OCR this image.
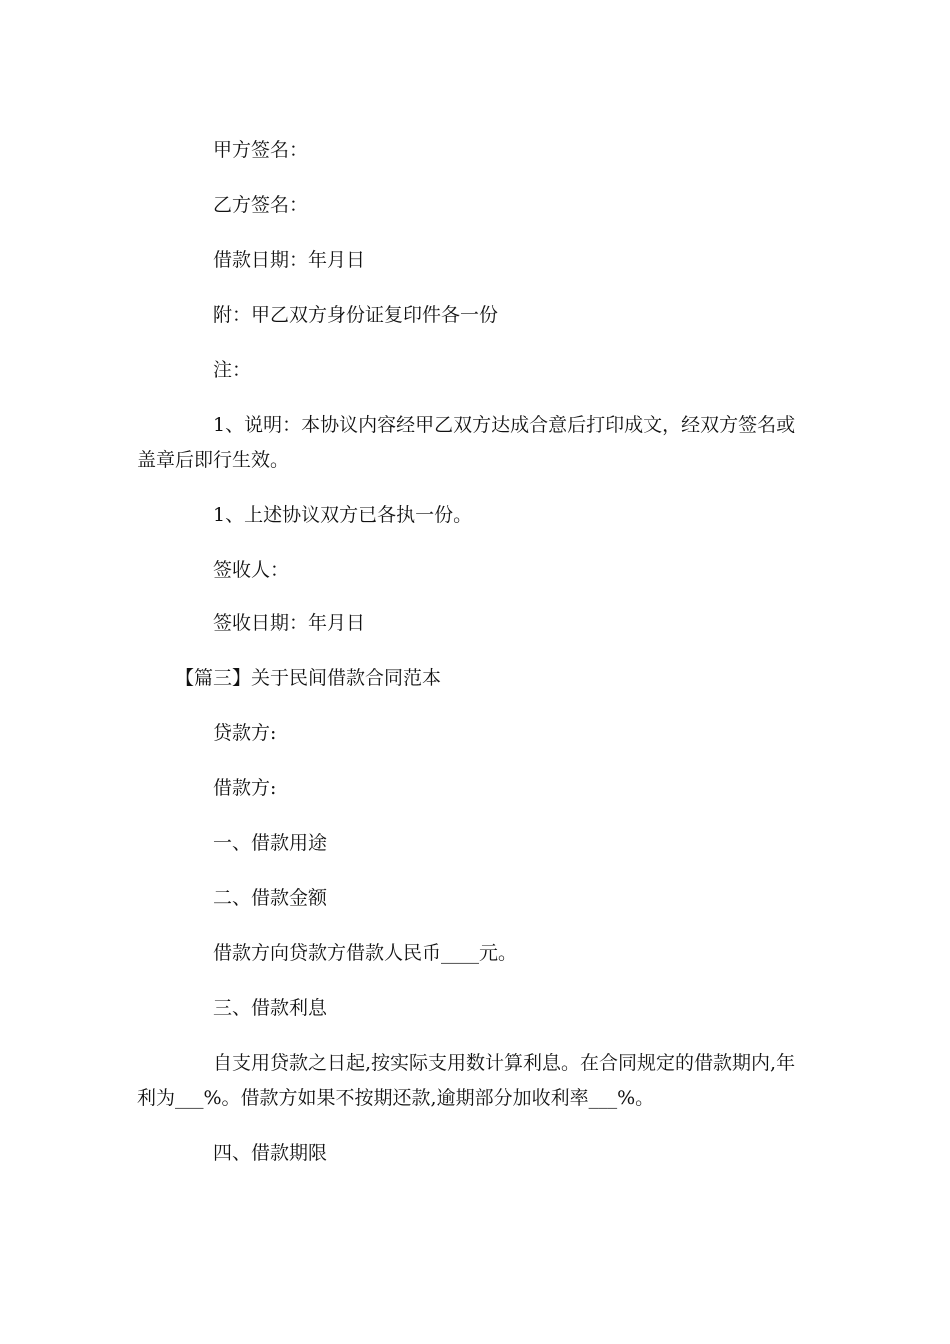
甲方签名：

乙方签名：

借款日期：年月日

附：甲乙双方身份证复印件各一份

注：

1、说明：本协议内容经甲乙双方达成合意后打印成文，经双方签名或

盖章后即行生效。

1、上述协议双方已各执一份。

签收人：

签收日期：年月日

【篇三】关于民间借款合同范本

贷款方:

借款方:

一、借款用途

二、借款金额

借款方向贷款方借款人民币____元。

三、借款利息

自支用贷款之日起,按实际支用数计算利息。在合同规定的借款期内,年

利为___%。借款方如果不按期还款,逾期部分加收利率___%。

四、借款期限
